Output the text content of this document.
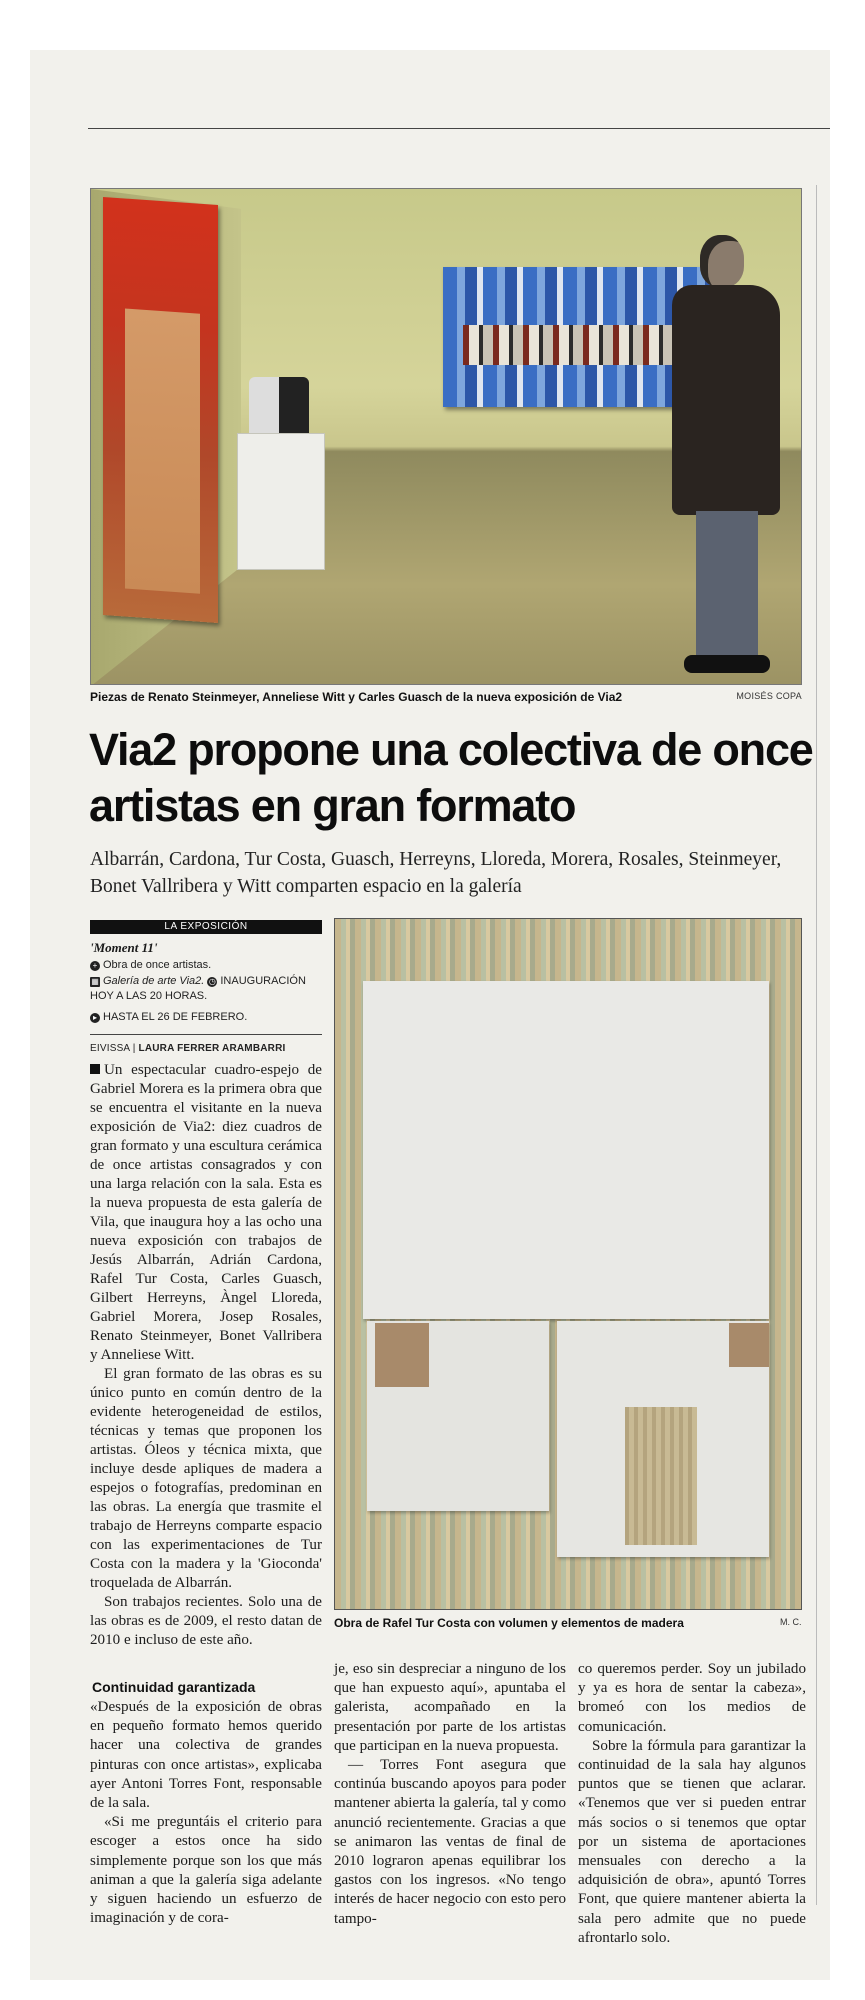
Piezas de Renato Steinmeyer, Anneliese Witt y Carles Guasch de la nueva exposición de Via2	MOISÉS COPA
Via2 propone una colectiva de once artistas en gran formato
Albarrán, Cardona, Tur Costa, Guasch, Herreyns, Lloreda, Morera, Rosales, Steinmeyer, Bonet Vallribera y Witt comparten espacio en la galería
LA EXPOSICIÓN
'Moment 11'
+ Obra de once artistas.
▦ Galería de arte Via2. ◷ INAUGURACIÓN HOY A LAS 20 HORAS.
▸ HASTA EL 26 DE FEBRERO.
EIVISSA | LAURA FERRER ARAMBARRI

Un espectacular cuadro-espejo de Gabriel Morera es la primera obra que se encuentra el visitante en la nueva exposición de Via2: diez cuadros de gran formato y una escultura cerámica de once artistas consagrados y con una larga relación con la sala. Esta es la nueva propuesta de esta galería de Vila, que inaugura hoy a las ocho una nueva exposición con trabajos de Jesús Albarrán, Adrián Cardona, Rafel Tur Costa, Carles Guasch, Gilbert Herreyns, Àngel Lloreda, Gabriel Morera, Josep Rosales, Renato Steinmeyer, Bonet Vallribera y Anneliese Witt.

El gran formato de las obras es su único punto en común dentro de la evidente heterogeneidad de estilos, técnicas y temas que proponen los artistas. Óleos y técnica mixta, que incluye desde apliques de madera a espejos o fotografías, predominan en las obras. La energía que trasmite el trabajo de Herreyns comparte espacio con las experimentaciones de Tur Costa con la madera y la 'Gioconda' troquelada de Albarrán.

Son trabajos recientes. Solo una de las obras es de 2009, el resto datan de 2010 e incluso de este año.

Continuidad garantizada

«Después de la exposición de obras en pequeño formato hemos querido hacer una colectiva de grandes pinturas con once artistas», explicaba ayer Antoni Torres Font, responsable de la sala.

«Si me preguntáis el criterio para escoger a estos once ha sido simplemente porque son los que más animan a que la galería siga adelante y siguen haciendo un esfuerzo de imaginación y de cora-

Obra de Rafel Tur Costa con volumen y elementos de madera	M. C.

je, eso sin despreciar a ninguno de los que han expuesto aquí», apuntaba el galerista, acompañado en la presentación por parte de los artistas que participan en la nueva propuesta.

— Torres Font asegura que continúa buscando apoyos para poder mantener abierta la galería, tal y como anunció recientemente. Gracias a que se animaron las ventas de final de 2010 lograron apenas equilibrar los gastos con los ingresos. «No tengo interés de hacer negocio con esto pero tampo-

co queremos perder. Soy un jubilado y ya es hora de sentar la cabeza», bromeó con los medios de comunicación.

Sobre la fórmula para garantizar la continuidad de la sala hay algunos puntos que se tienen que aclarar. «Tenemos que ver si pueden entrar más socios o si tenemos que optar por un sistema de aportaciones mensuales con derecho a la adquisición de obra», apuntó Torres Font, que quiere mantener abierta la sala pero admite que no puede afrontarlo solo.
